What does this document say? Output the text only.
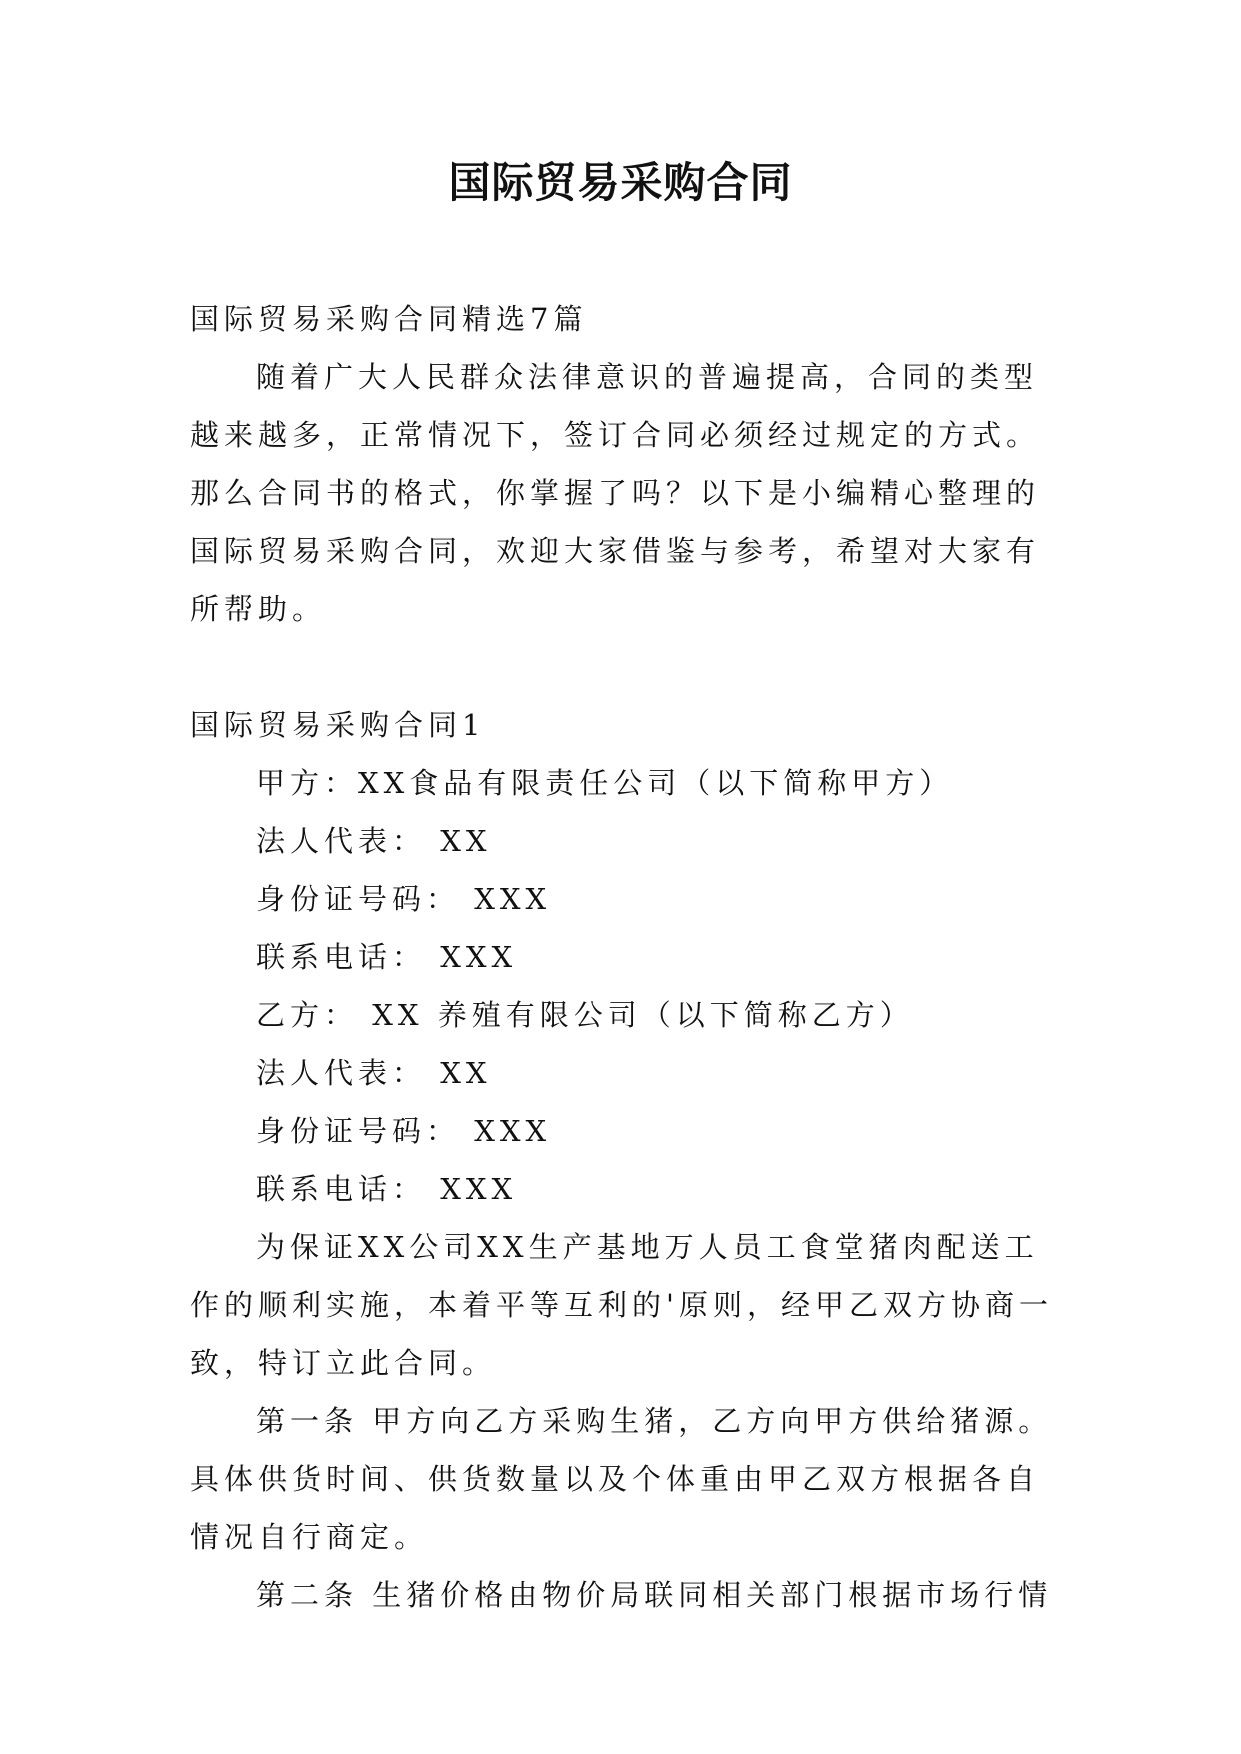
国际贸易采购合同

国际贸易采购合同精选7篇

随着广大人民群众法律意识的普遍提高，合同的类型越来越多，正常情况下，签订合同必须经过规定的方式。那么合同书的格式，你掌握了吗？以下是小编精心整理的国际贸易采购合同，欢迎大家借鉴与参考，希望对大家有所帮助。

国际贸易采购合同1

甲方：XX食品有限责任公司（以下简称甲方）

法人代表： XX

身份证号码： XXX

联系电话： XXX

乙方： XX 养殖有限公司（以下简称乙方）

法人代表： XX

身份证号码： XXX

联系电话： XXX

为保证XX公司XX生产基地万人员工食堂猪肉配送工作的顺利实施，本着平等互利的'原则，经甲乙双方协商一致，特订立此合同。

第一条 甲方向乙方采购生猪，乙方向甲方供给猪源。具体供货时间、供货数量以及个体重由甲乙双方根据各自情况自行商定。

第二条 生猪价格由物价局联同相关部门根据市场行情
